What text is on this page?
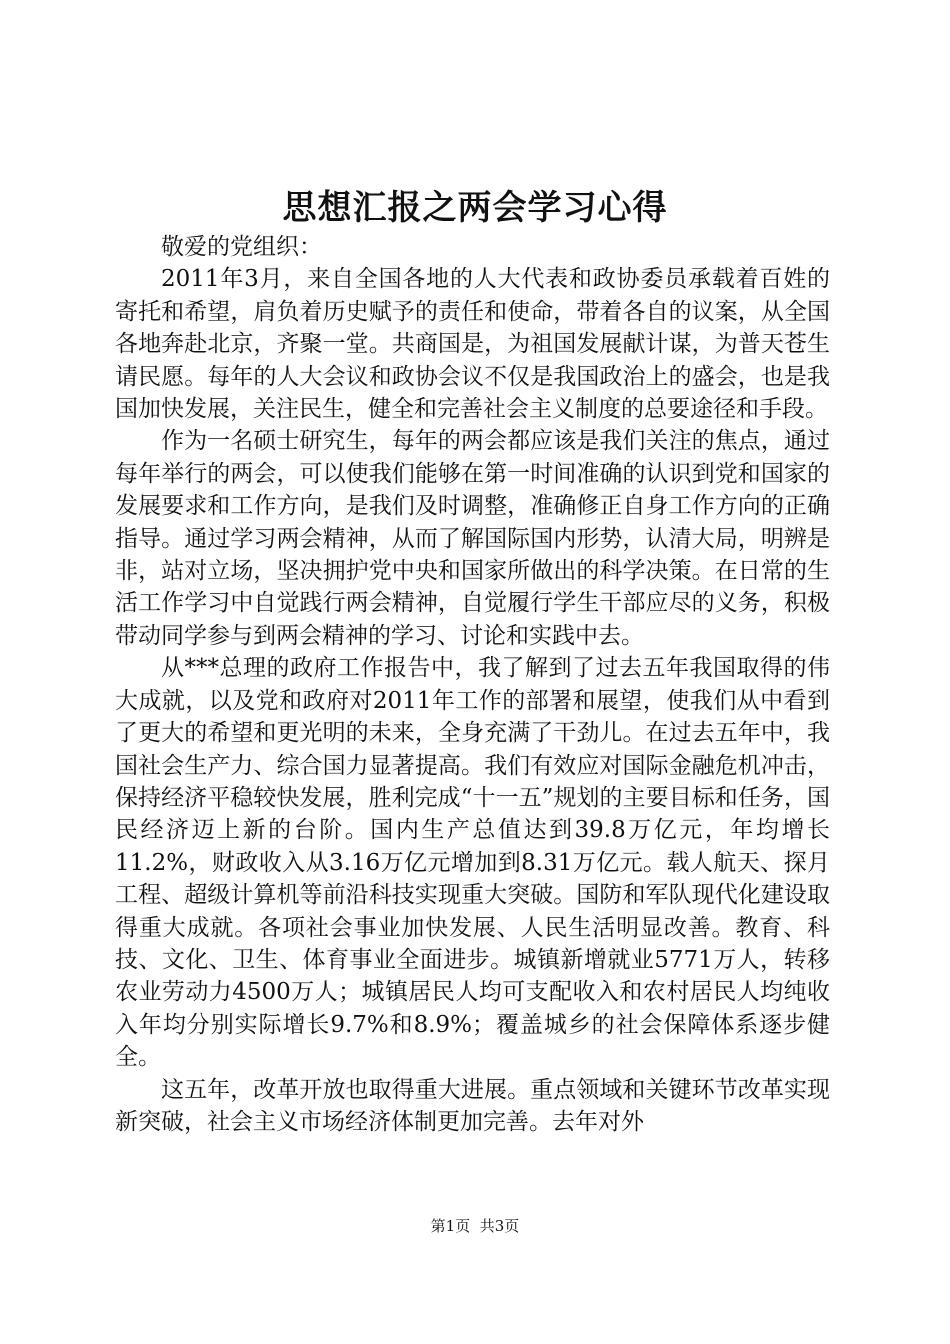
思想汇报之两会学习心得

敬爱的党组织：

2011年3月，来自全国各地的人大代表和政协委员承载着百姓的寄托和希望，肩负着历史赋予的责任和使命，带着各自的议案，从全国各地奔赴北京，齐聚一堂。共商国是，为祖国发展献计谋，为普天苍生请民愿。每年的人大会议和政协会议不仅是我国政治上的盛会，也是我国加快发展，关注民生，健全和完善社会主义制度的总要途径和手段。

作为一名硕士研究生，每年的两会都应该是我们关注的焦点，通过每年举行的两会，可以使我们能够在第一时间准确的认识到党和国家的发展要求和工作方向，是我们及时调整，准确修正自身工作方向的正确指导。通过学习两会精神，从而了解国际国内形势，认清大局，明辨是非，站对立场，坚决拥护党中央和国家所做出的科学决策。在日常的生活工作学习中自觉践行两会精神，自觉履行学生干部应尽的义务，积极带动同学参与到两会精神的学习、讨论和实践中去。

从***总理的政府工作报告中，我了解到了过去五年我国取得的伟大成就，以及党和政府对2011年工作的部署和展望，使我们从中看到了更大的希望和更光明的未来，全身充满了干劲儿。在过去五年中，我国社会生产力、综合国力显著提高。我们有效应对国际金融危机冲击，保持经济平稳较快发展，胜利完成“十一五”规划的主要目标和任务，国民经济迈上新的台阶。国内生产总值达到39.8万亿元，年均增长11.2%，财政收入从3.16万亿元增加到8.31万亿元。载人航天、探月工程、超级计算机等前沿科技实现重大突破。国防和军队现代化建设取得重大成就。各项社会事业加快发展、人民生活明显改善。教育、科技、文化、卫生、体育事业全面进步。城镇新增就业5771万人，转移农业劳动力4500万人；城镇居民人均可支配收入和农村居民人均纯收入年均分别实际增长9.7%和8.9%；覆盖城乡的社会保障体系逐步健全。

这五年，改革开放也取得重大进展。重点领域和关键环节改革实现新突破，社会主义市场经济体制更加完善。去年对外

第1页 共3页
